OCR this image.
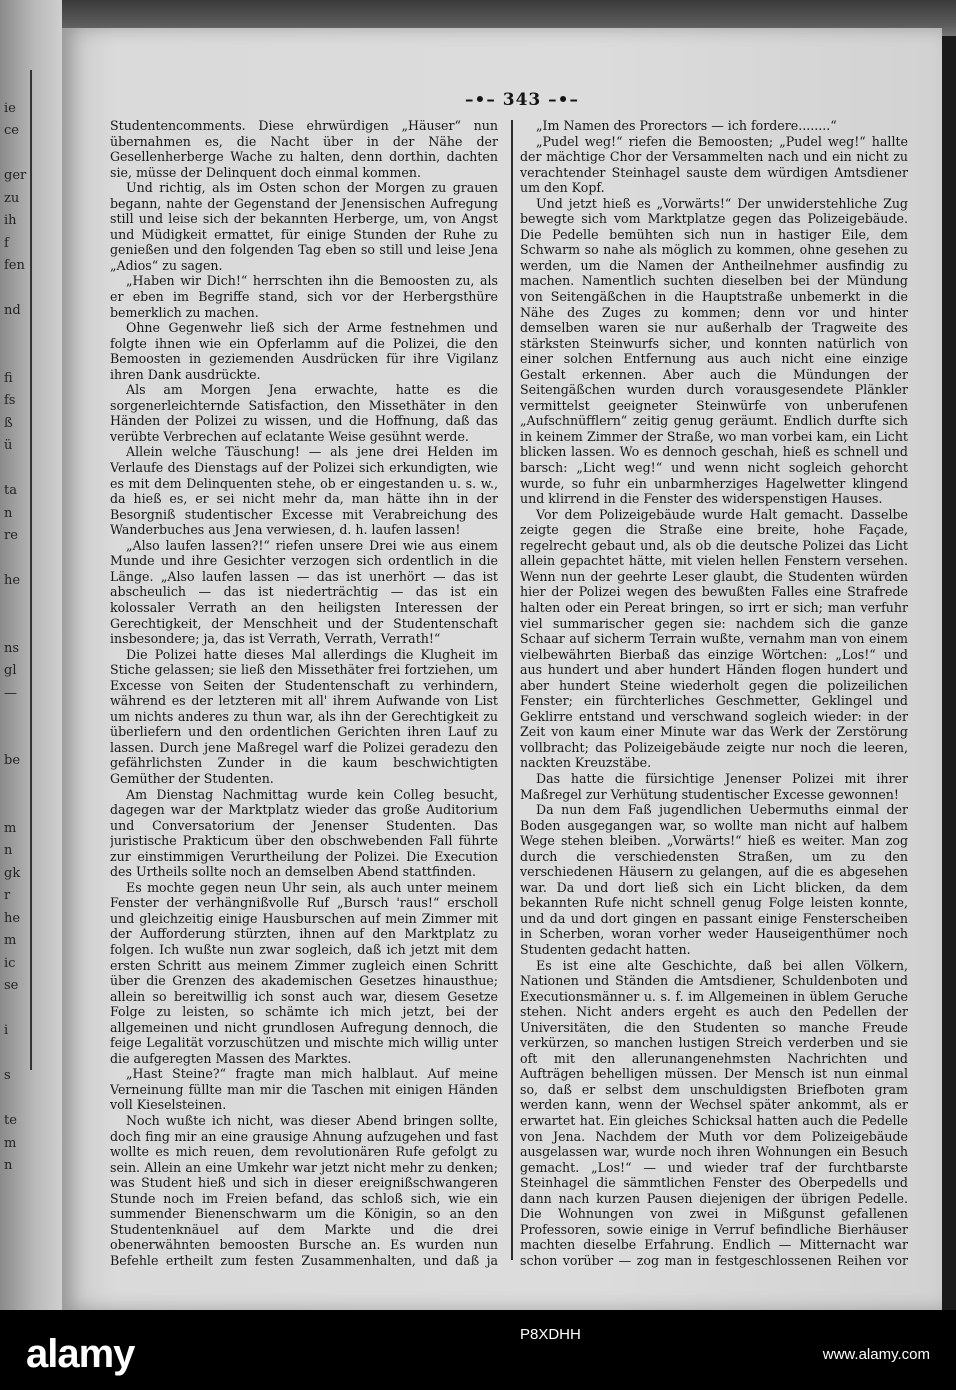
ie
ce

ger
zu
ih
f
fen

nd

fi
fs
ß
ü

ta
n
re

he

ns
gl
—

be

m
n
gk
r
he
m
ic
se

i

s

te
m
n
–•– 343 –•–

Studentencomments. Diese ehrwürdigen „Häuser“ nun übernahmen es, die Nacht über in der Nähe der Gesellenherberge Wache zu halten, denn dorthin, dachten sie, müsse der Delinquent doch einmal kommen.

Und richtig, als im Osten schon der Morgen zu grauen begann, nahte der Gegenstand der Jenensischen Aufregung still und leise sich der bekannten Herberge, um, von Angst und Müdigkeit ermattet, für einige Stunden der Ruhe zu genießen und den folgenden Tag eben so still und leise Jena „Adios“ zu sagen.

„Haben wir Dich!“ herrschten ihn die Bemoosten zu, als er eben im Begriffe stand, sich vor der Herbergsthüre bemerklich zu machen.

Ohne Gegenwehr ließ sich der Arme festnehmen und folgte ihnen wie ein Opferlamm auf die Polizei, die den Bemoosten in geziemenden Ausdrücken für ihre Vigilanz ihren Dank ausdrückte.

Als am Morgen Jena erwachte, hatte es die sorgenerleichternde Satisfaction, den Missethäter in den Händen der Polizei zu wissen, und die Hoffnung, daß das verübte Verbrechen auf eclatante Weise gesühnt werde.

Allein welche Täuschung! — als jene drei Helden im Verlaufe des Dienstags auf der Polizei sich erkundigten, wie es mit dem Delinquenten stehe, ob er eingestanden u. s. w., da hieß es, er sei nicht mehr da, man hätte ihn in der Besorgniß studentischer Excesse mit Verabreichung des Wanderbuches aus Jena verwiesen, d. h. laufen lassen!

„Also laufen lassen?!“ riefen unsere Drei wie aus einem Munde und ihre Gesichter verzogen sich ordentlich in die Länge. „Also laufen lassen — das ist unerhört — das ist abscheulich — das ist niederträchtig — das ist ein kolossaler Verrath an den heiligsten Interessen der Gerechtigkeit, der Menschheit und der Studentenschaft insbesondere; ja, das ist Verrath, Verrath, Verrath!“

Die Polizei hatte dieses Mal allerdings die Klugheit im Stiche gelassen; sie ließ den Missethäter frei fortziehen, um Excesse von Seiten der Studentenschaft zu verhindern, während es der letzteren mit all' ihrem Aufwande von List um nichts anderes zu thun war, als ihn der Gerechtigkeit zu überliefern und den ordentlichen Gerichten ihren Lauf zu lassen. Durch jene Maßregel warf die Polizei geradezu den gefährlichsten Zunder in die kaum beschwichtigten Gemüther der Studenten.

Am Dienstag Nachmittag wurde kein Colleg besucht, dagegen war der Marktplatz wieder das große Auditorium und Conversatorium der Jenenser Studenten. Das juristische Prakticum über den obschwebenden Fall führte zur einstimmigen Verurtheilung der Polizei. Die Execution des Urtheils sollte noch an demselben Abend stattfinden.

Es mochte gegen neun Uhr sein, als auch unter meinem Fenster der verhängnißvolle Ruf „Bursch 'raus!“ erscholl und gleichzeitig einige Hausburschen auf mein Zimmer mit der Aufforderung stürzten, ihnen auf den Marktplatz zu folgen. Ich wußte nun zwar sogleich, daß ich jetzt mit dem ersten Schritt aus meinem Zimmer zugleich einen Schritt über die Grenzen des akademischen Gesetzes hinausthue; allein so bereitwillig ich sonst auch war, diesem Gesetze Folge zu leisten, so schämte ich mich jetzt, bei der allgemeinen und nicht grundlosen Aufregung dennoch, die feige Legalität vorzuschützen und mischte mich willig unter die aufgeregten Massen des Marktes.

„Hast Steine?“ fragte man mich halblaut. Auf meine Verneinung füllte man mir die Taschen mit einigen Händen voll Kieselsteinen.

Noch wußte ich nicht, was dieser Abend bringen sollte, doch fing mir an eine grausige Ahnung aufzugehen und fast wollte es mich reuen, dem revolutionären Rufe gefolgt zu sein. Allein an eine Umkehr war jetzt nicht mehr zu denken; was Student hieß und sich in dieser ereignißschwangeren Stunde noch im Freien befand, das schloß sich, wie ein summender Bienenschwarm um die Königin, so an den Studentenknäuel auf dem Markte und die drei obenerwähnten bemoosten Bursche an. Es wurden nun Befehle ertheilt zum festen Zusammenhalten, und daß ja

„Im Namen des Prorectors — ich fordere........“

„Pudel weg!“ riefen die Bemoosten; „Pudel weg!“ hallte der mächtige Chor der Versammelten nach und ein nicht zu verachtender Steinhagel sauste dem würdigen Amtsdiener um den Kopf.

Und jetzt hieß es „Vorwärts!“ Der unwiderstehliche Zug bewegte sich vom Marktplatze gegen das Polizeigebäude. Die Pedelle bemühten sich nun in hastiger Eile, dem Schwarm so nahe als möglich zu kommen, ohne gesehen zu werden, um die Namen der Antheilnehmer ausfindig zu machen. Namentlich suchten dieselben bei der Mündung von Seitengäßchen in die Hauptstraße unbemerkt in die Nähe des Zuges zu kommen; denn vor und hinter demselben waren sie nur außerhalb der Tragweite des stärksten Steinwurfs sicher, und konnten natürlich von einer solchen Entfernung aus auch nicht eine einzige Gestalt erkennen. Aber auch die Mündungen der Seitengäßchen wurden durch vorausgesendete Plänkler vermittelst geeigneter Steinwürfe von unberufenen „Aufschnüfflern“ zeitig genug geräumt. Endlich durfte sich in keinem Zimmer der Straße, wo man vorbei kam, ein Licht blicken lassen. Wo es dennoch geschah, hieß es schnell und barsch: „Licht weg!“ und wenn nicht sogleich gehorcht wurde, so fuhr ein unbarmherziges Hagelwetter klingend und klirrend in die Fenster des widerspenstigen Hauses.

Vor dem Polizeigebäude wurde Halt gemacht. Dasselbe zeigte gegen die Straße eine breite, hohe Façade, regelrecht gebaut und, als ob die deutsche Polizei das Licht allein gepachtet hätte, mit vielen hellen Fenstern versehen. Wenn nun der geehrte Leser glaubt, die Studenten würden hier der Polizei wegen des bewußten Falles eine Strafrede halten oder ein Pereat bringen, so irrt er sich; man verfuhr viel summarischer gegen sie: nachdem sich die ganze Schaar auf sicherm Terrain wußte, vernahm man von einem vielbewährten Bierbaß das einzige Wörtchen: „Los!“ und aus hundert und aber hundert Händen flogen hundert und aber hundert Steine wiederholt gegen die polizeilichen Fenster; ein fürchterliches Geschmetter, Geklingel und Geklirre entstand und verschwand sogleich wieder: in der Zeit von kaum einer Minute war das Werk der Zerstörung vollbracht; das Polizeigebäude zeigte nur noch die leeren, nackten Kreuzstäbe.

Das hatte die fürsichtige Jenenser Polizei mit ihrer Maßregel zur Verhütung studentischer Excesse gewonnen!

Da nun dem Faß jugendlichen Uebermuths einmal der Boden ausgegangen war, so wollte man nicht auf halbem Wege stehen bleiben. „Vorwärts!“ hieß es weiter. Man zog durch die verschiedensten Straßen, um zu den verschiedenen Häusern zu gelangen, auf die es abgesehen war. Da und dort ließ sich ein Licht blicken, da dem bekannten Rufe nicht schnell genug Folge leisten konnte, und da und dort gingen en passant einige Fensterscheiben in Scherben, woran vorher weder Hauseigenthümer noch Studenten gedacht hatten.

Es ist eine alte Geschichte, daß bei allen Völkern, Nationen und Ständen die Amtsdiener, Schuldenboten und Executionsmänner u. s. f. im Allgemeinen in üblem Geruche stehen. Nicht anders ergeht es auch den Pedellen der Universitäten, die den Studenten so manche Freude verkürzen, so manchen lustigen Streich verderben und sie oft mit den allerunangenehmsten Nachrichten und Aufträgen behelligen müssen. Der Mensch ist nun einmal so, daß er selbst dem unschuldigsten Briefboten gram werden kann, wenn der Wechsel später ankommt, als er erwartet hat. Ein gleiches Schicksal hatten auch die Pedelle von Jena. Nachdem der Muth vor dem Polizeigebäude ausgelassen war, wurde noch ihren Wohnungen ein Besuch gemacht. „Los!“ — und wieder traf der furchtbarste Steinhagel die sämmtlichen Fenster des Oberpedells und dann nach kurzen Pausen diejenigen der übrigen Pedelle. Die Wohnungen von zwei in Mißgunst gefallenen Professoren, sowie einige in Verruf befindliche Bierhäuser machten dieselbe Erfahrung. Endlich — Mitternacht war schon vorüber — zog man in festgeschlossenen Reihen vor

alamy	P8XDHH
www.alamy.com
